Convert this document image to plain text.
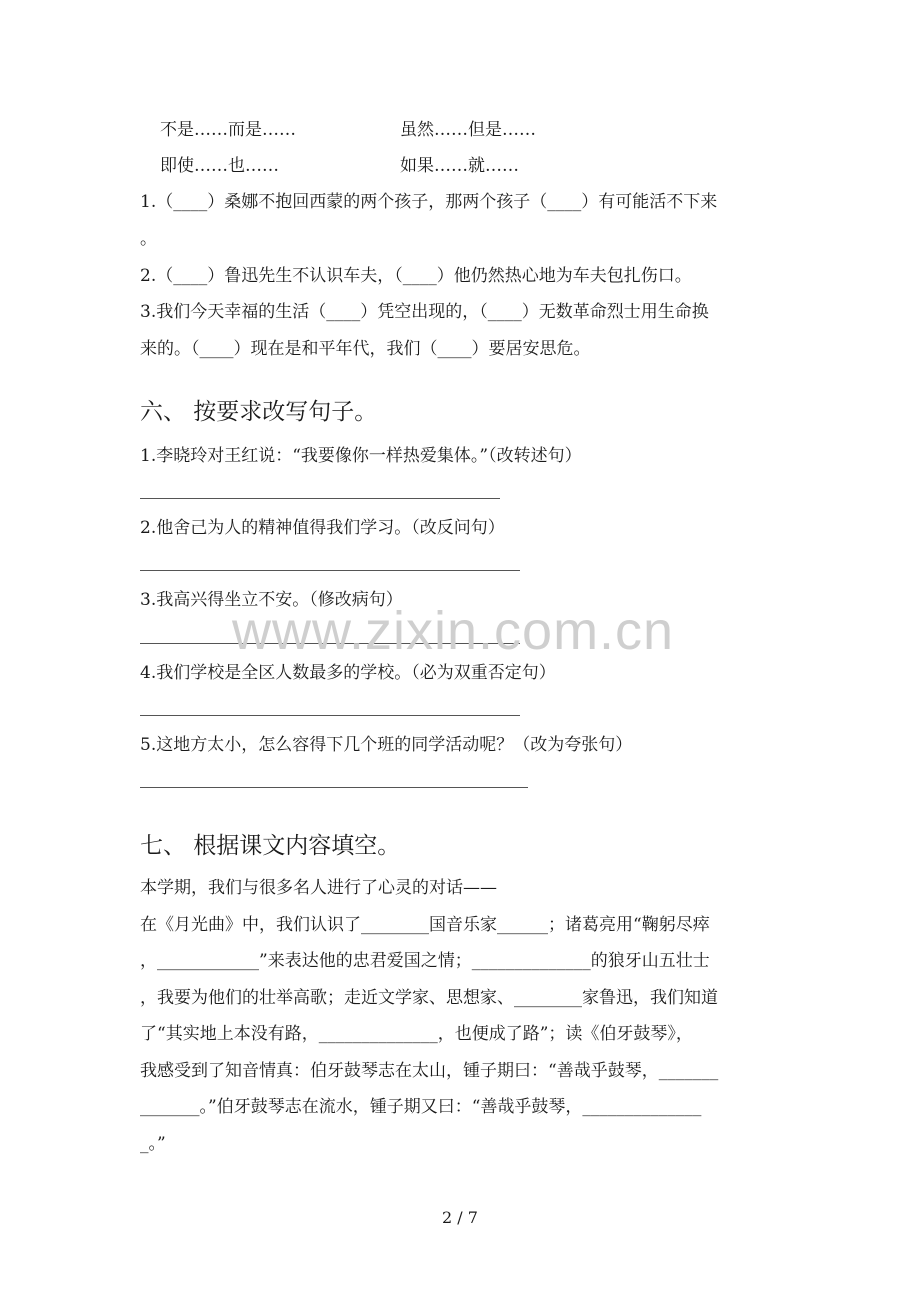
不是……而是……	虽然……但是……
即使……也……	如果……就……
1.（____）桑娜不抱回西蒙的两个孩子，那两个孩子（____）有可能活不下来
。
2.（____）鲁迅先生不认识车夫，（____）他仍然热心地为车夫包扎伤口。
3.我们今天幸福的生活（____）凭空出现的，（____）无数革命烈士用生命换
来的。（____）现在是和平年代，我们（____）要居安思危。
六、 按要求改写句子。
1.李晓玲对王红说：“我要像你一样热爱集体。”（改转述句）
2.他舍己为人的精神值得我们学习。（改反问句）
3.我高兴得坐立不安。（修改病句）
4.我们学校是全区人数最多的学校。（必为双重否定句）
5.这地方太小，怎么容得下几个班的同学活动呢？（改为夸张句）
七、 根据课文内容填空。
本学期，我们与很多名人进行了心灵的对话——
在《月光曲》中，我们认识了________国音乐家______；诸葛亮用“鞠躬尽瘁
，____________”来表达他的忠君爱国之情；______________的狼牙山五壮士
，我要为他们的壮举高歌；走近文学家、思想家、________家鲁迅，我们知道
了“其实地上本没有路，______________，也便成了路”；读《伯牙鼓琴》，
我感受到了知音情真：伯牙鼓琴志在太山，锺子期曰：“善哉乎鼓琴，_______
_______。”伯牙鼓琴志在流水，锺子期又曰：“善哉乎鼓琴，______________
_。”
www.zixin.com.cn
2 / 7
